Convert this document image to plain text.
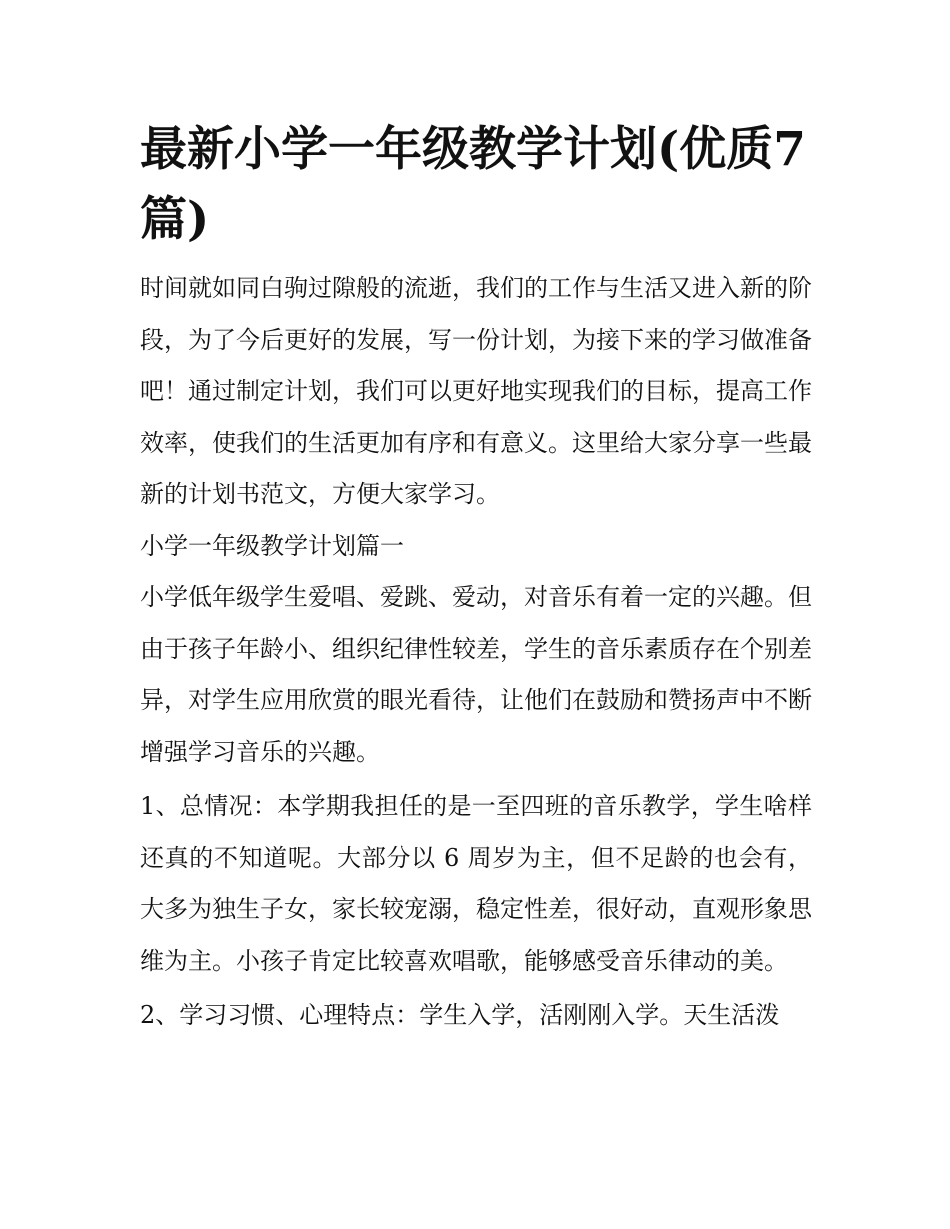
最新小学一年级教学计划(优质7篇)

时间就如同白驹过隙般的流逝，我们的工作与生活又进入新的阶段，为了今后更好的发展，写一份计划，为接下来的学习做准备吧！通过制定计划，我们可以更好地实现我们的目标，提高工作效率，使我们的生活更加有序和有意义。这里给大家分享一些最新的计划书范文，方便大家学习。

小学一年级教学计划篇一

小学低年级学生爱唱、爱跳、爱动，对音乐有着一定的兴趣。但由于孩子年龄小、组织纪律性较差，学生的音乐素质存在个别差异，对学生应用欣赏的眼光看待，让他们在鼓励和赞扬声中不断增强学习音乐的兴趣。

1、总情况：本学期我担任的是一至四班的音乐教学，学生啥样还真的不知道呢。大部分以 6 周岁为主，但不足龄的也会有，大多为独生子女，家长较宠溺，稳定性差，很好动，直观形象思维为主。小孩子肯定比较喜欢唱歌，能够感受音乐律动的美。

2、学习习惯、心理特点：学生入学，活刚刚入学。天生活泼
